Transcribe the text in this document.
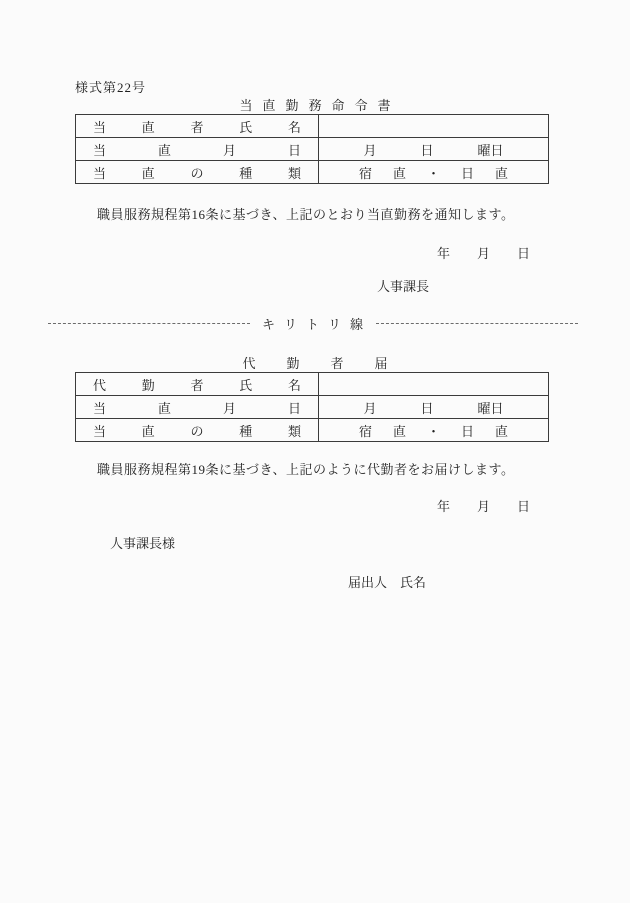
様式第22号
当直勤務命令書
当 直 者 氏 名	

当 直 月 日	月 日 曜日

当 直 の 種 類	宿 直 ・ 日 直
職員服務規程第16条に基づき、上記のとおり当直勤務を通知します。
年 月 日
人事課長
キリトリ線
代勤者届
代 勤 者 氏 名	

当 直 月 日	月 日 曜日

当 直 の 種 類	宿 直 ・ 日 直
職員服務規程第19条に基づき、上記のように代勤者をお届けします。
年 月 日
人事課長様
届出人　氏名
